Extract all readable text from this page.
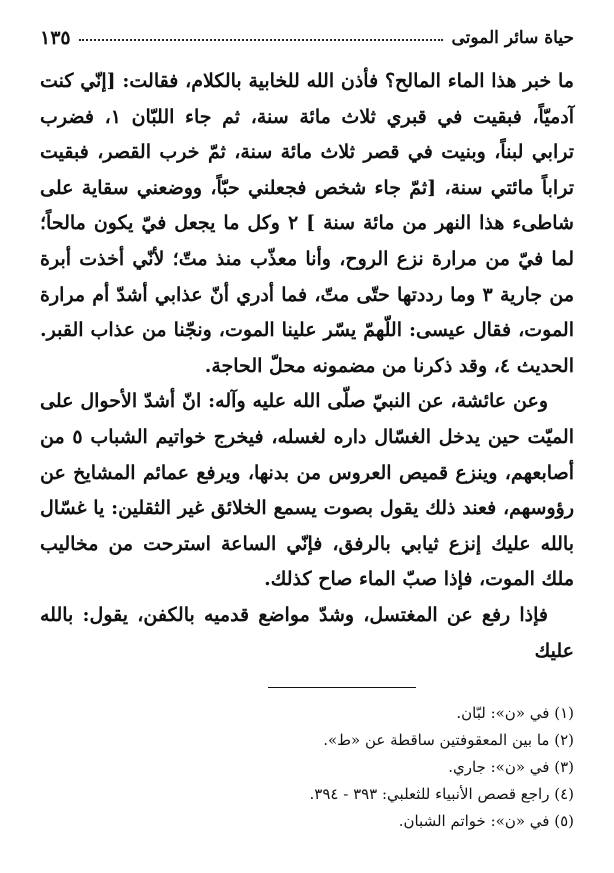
حياة سائر الموتى
١٣٥

ما خبر هذا الماء المالح؟ فأذن الله للخابية بالكلام، فقالت: [إنّي كنت آدميّاً، فبقيت في قبري ثلاث مائة سنة، ثم جاء اللبّان ١، فضرب ترابي لبناً، وبنيت في قصر ثلاث مائة سنة، ثمّ خرب القصر، فبقيت تراباً مائتي سنة، [ثمّ جاء شخص فجعلني حبّاً، ووضعني سقاية على شاطىء هذا النهر من مائة سنة ] ٢ وكل ما يجعل فيّ يكون مالحاً؛ لما فيّ من مرارة نزع الروح، وأنا معذّب منذ متّ؛ لأنّي أخذت أبرة من جارية ٣ وما رددتها حتّى متّ، فما أدري أنّ عذابي أشدّ أم مرارة الموت، فقال عيسى: اللّهمّ يسّر علينا الموت، ونجّنا من عذاب القبر. الحديث ٤، وقد ذكرنا من مضمونه محلّ الحاجة.

وعن عائشة، عن النبيّ صلّى الله عليه وآله: انّ أشدّ الأحوال على الميّت حين يدخل الغسّال داره لغسله، فيخرج خواتيم الشباب ٥ من أصابعهم، وينزع قميص العروس من بدنها، ويرفع عمائم المشايخ عن رؤوسهم، فعند ذلك يقول بصوت يسمع الخلائق غير الثقلين: يا غسّال بالله عليك إنزع ثيابي بالرفق، فإنّي الساعة استرحت من مخاليب ملك الموت، فإذا صبّ الماء صاح كذلك.

فإذا رفع عن المغتسل، وشدّ مواضع قدميه بالكفن، يقول: بالله عليك

(١) في «ن»: لبّان.
(٢) ما بين المعقوفتين ساقطة عن «ط».
(٣) في «ن»: جاري.
(٤) راجع قصص الأنبياء للثعلبي: ٣٩٣ - ٣٩٤.
(٥) في «ن»: خواتم الشبان.
